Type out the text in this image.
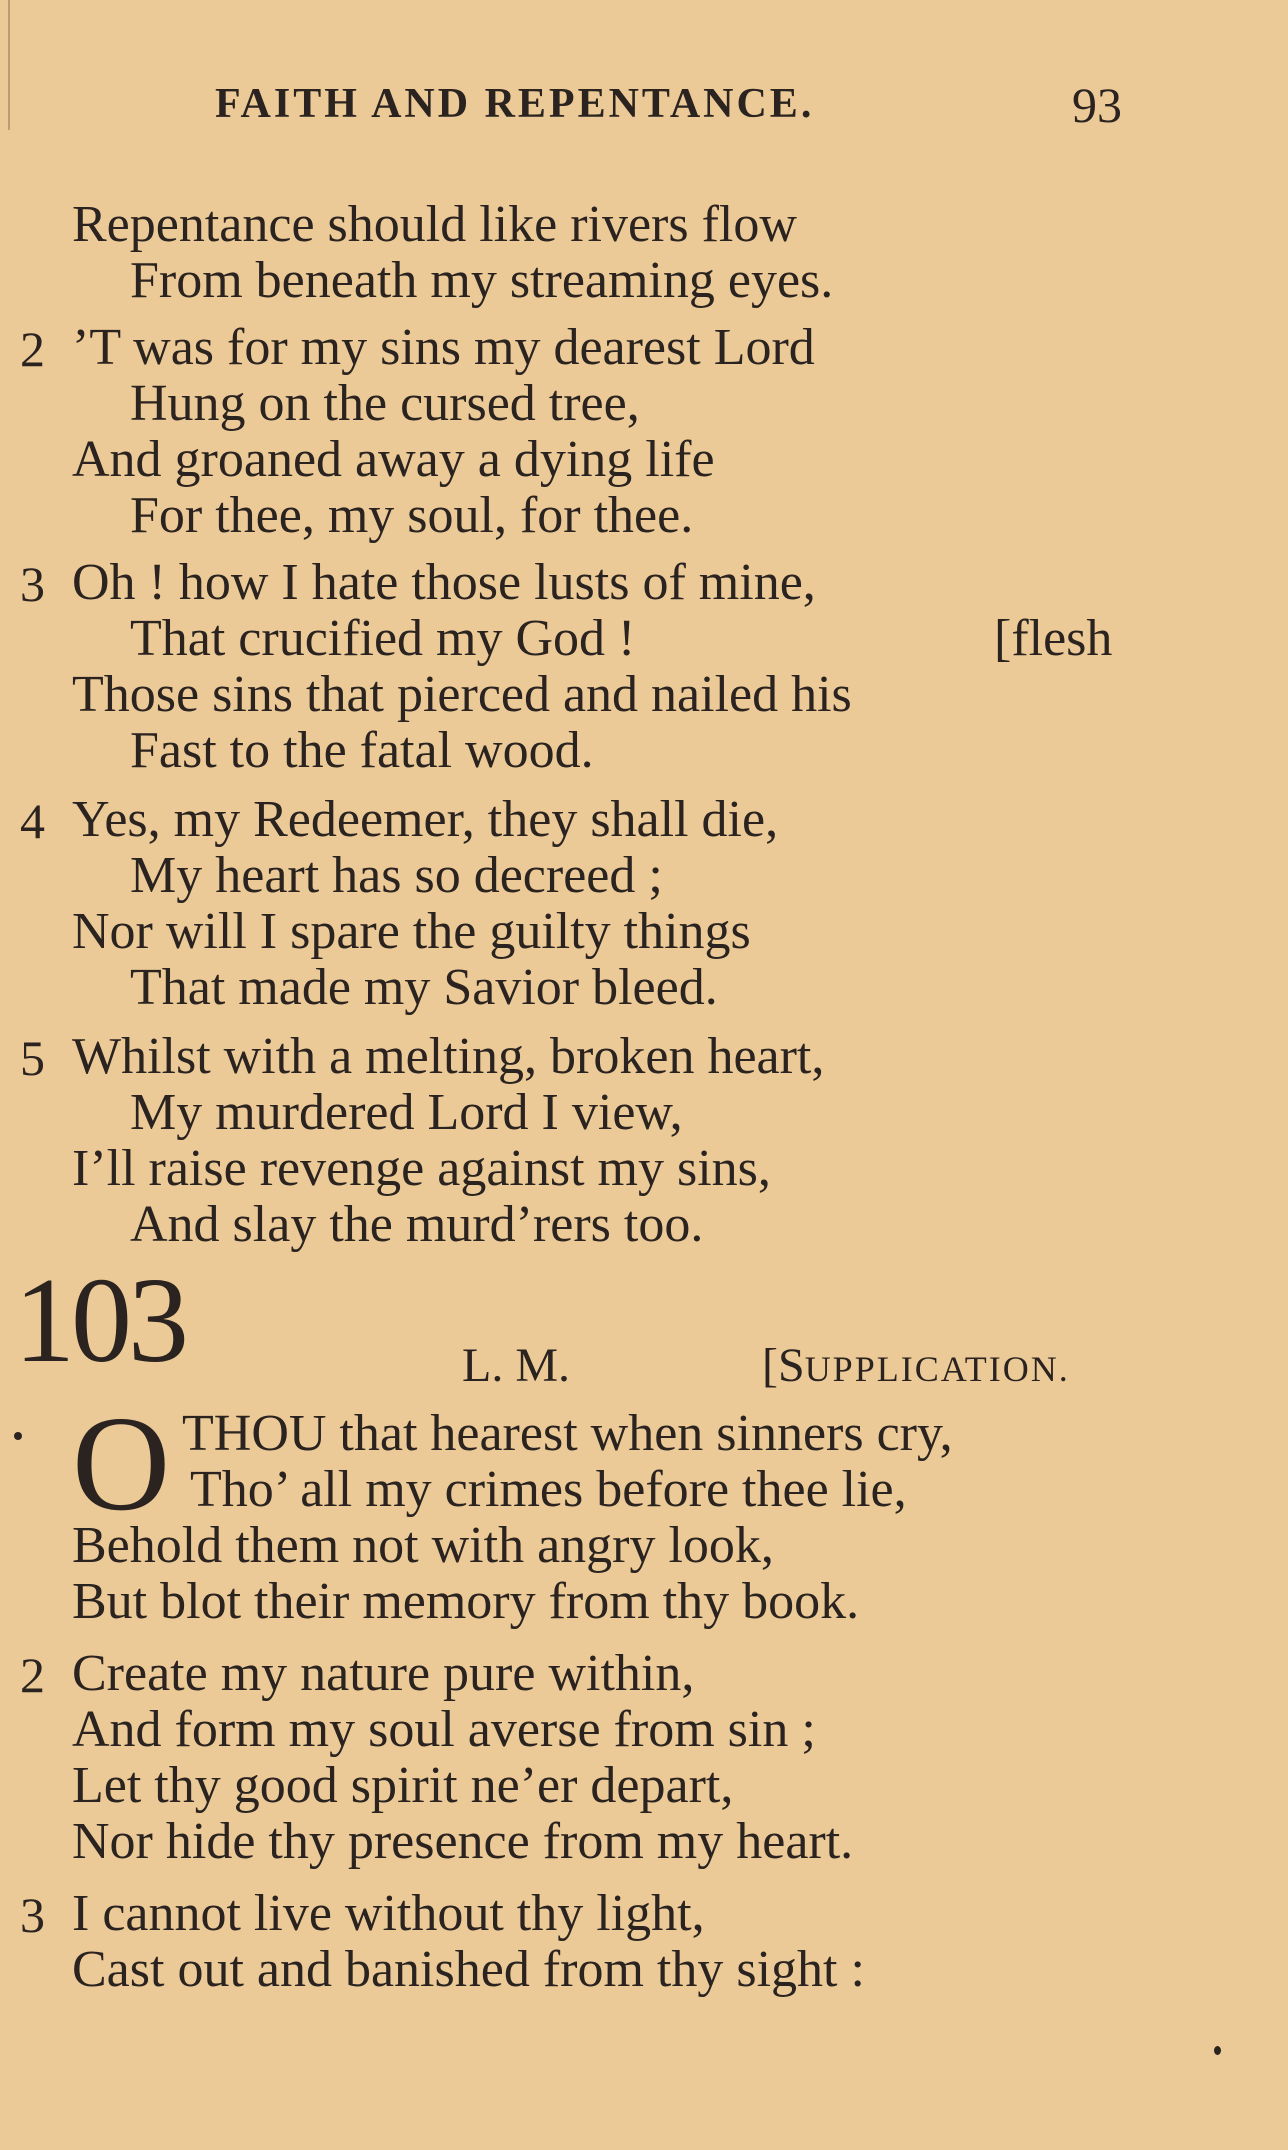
FAITH AND REPENTANCE.	93
Repentance should like rivers flow
From beneath my streaming eyes.
2 ’T was for my sins my dearest Lord
Hung on the cursed tree,
And groaned away a dying life
For thee, my soul, for thee.
3 Oh ! how I hate those lusts of mine,
That crucified my God !	[flesh
Those sins that pierced and nailed his
Fast to the fatal wood.
4 Yes, my Redeemer, they shall die,
My heart has so decreed ;
Nor will I spare the guilty things
That made my Savior bleed.
5 Whilst with a melting, broken heart,
My murdered Lord I view,
I’ll raise revenge against my sins,
And slay the murd’rers too.
103	L. M.	[SUPPLICATION.
O THOU that hearest when sinners cry,
Tho’ all my crimes before thee lie,
Behold them not with angry look,
But blot their memory from thy book.
2 Create my nature pure within,
And form my soul averse from sin ;
Let thy good spirit ne’er depart,
Nor hide thy presence from my heart.
3 I cannot live without thy light,
Cast out and banished from thy sight :
